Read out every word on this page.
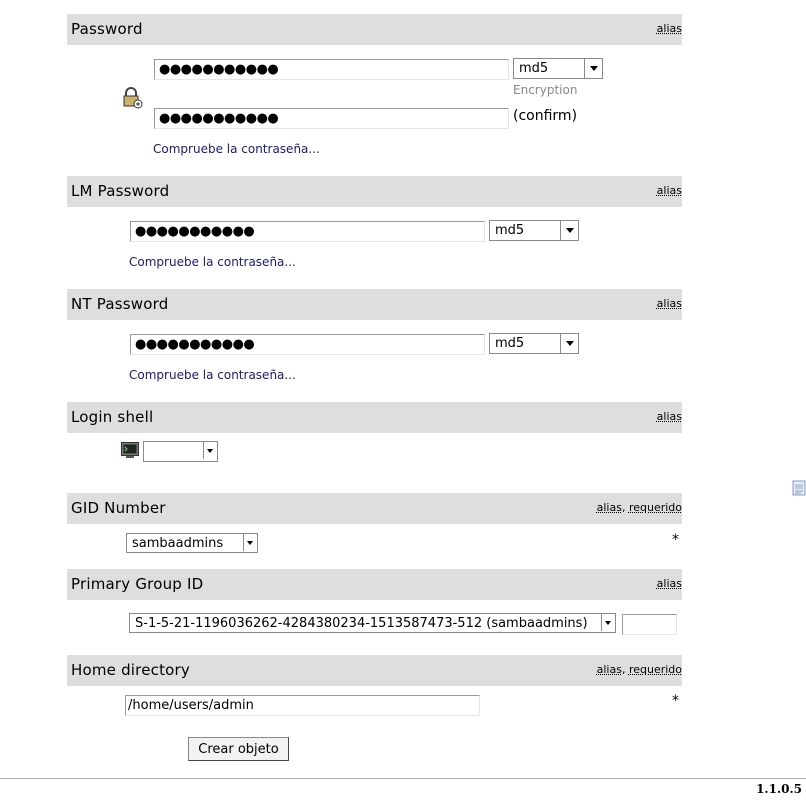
Password	alias
●●●●●●●●●●●	md5
Encryption
●●●●●●●●●●●	(confirm)
Compruebe la contraseña...
LM Password	alias
●●●●●●●●●●●	md5
Compruebe la contraseña...
NT Password	alias
●●●●●●●●●●●	md5
Compruebe la contraseña...
Login shell	alias
GID Number	alias, requerido
sambaadmins	*
Primary Group ID	alias
S-1-5-21-1196036262-4284380234-1513587473-512 (sambaadmins)
Home directory	alias, requerido
/home/users/admin	*
Crear objeto
1.1.0.5
